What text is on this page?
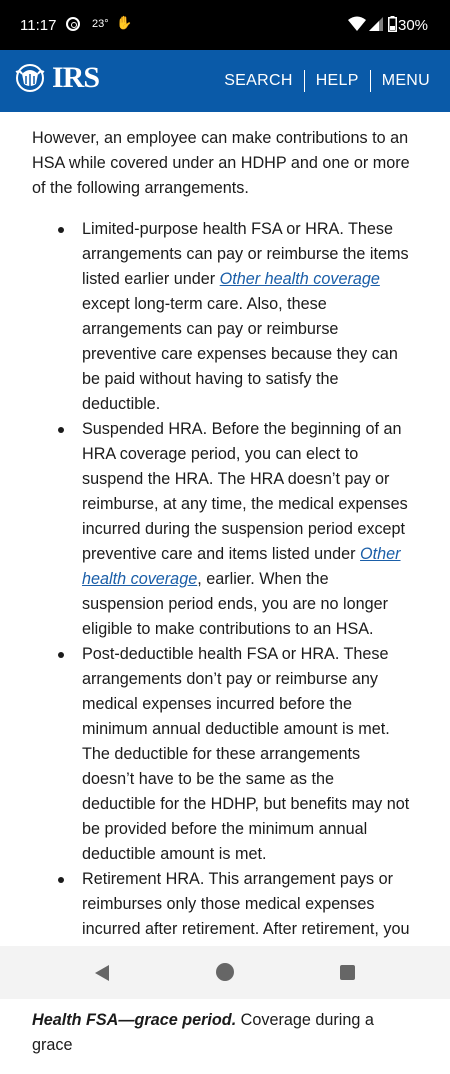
11:17	23° ✋	30%
IRS	SEARCH	HELP	MENU

However, an employee can make contributions to an HSA while covered under an HDHP and one or more of the following arrangements.

Limited-purpose health FSA or HRA. These arrangements can pay or reimburse the items listed earlier under Other health coverage except long-term care. Also, these arrangements can pay or reimburse preventive care expenses because they can be paid without having to satisfy the deductible.
Suspended HRA. Before the beginning of an HRA coverage period, you can elect to suspend the HRA. The HRA doesn’t pay or reimburse, at any time, the medical expenses incurred during the suspension period except preventive care and items listed under Other health coverage, earlier. When the suspension period ends, you are no longer eligible to make contributions to an HSA.
Post-deductible health FSA or HRA. These arrangements don’t pay or reimburse any medical expenses incurred before the minimum annual deductible amount is met. The deductible for these arrangements doesn’t have to be the same as the deductible for the HDHP, but benefits may not be provided before the minimum annual deductible amount is met.
Retirement HRA. This arrangement pays or reimburses only those medical expenses incurred after retirement. After retirement, you

Health FSA—grace period. Coverage during a grace
